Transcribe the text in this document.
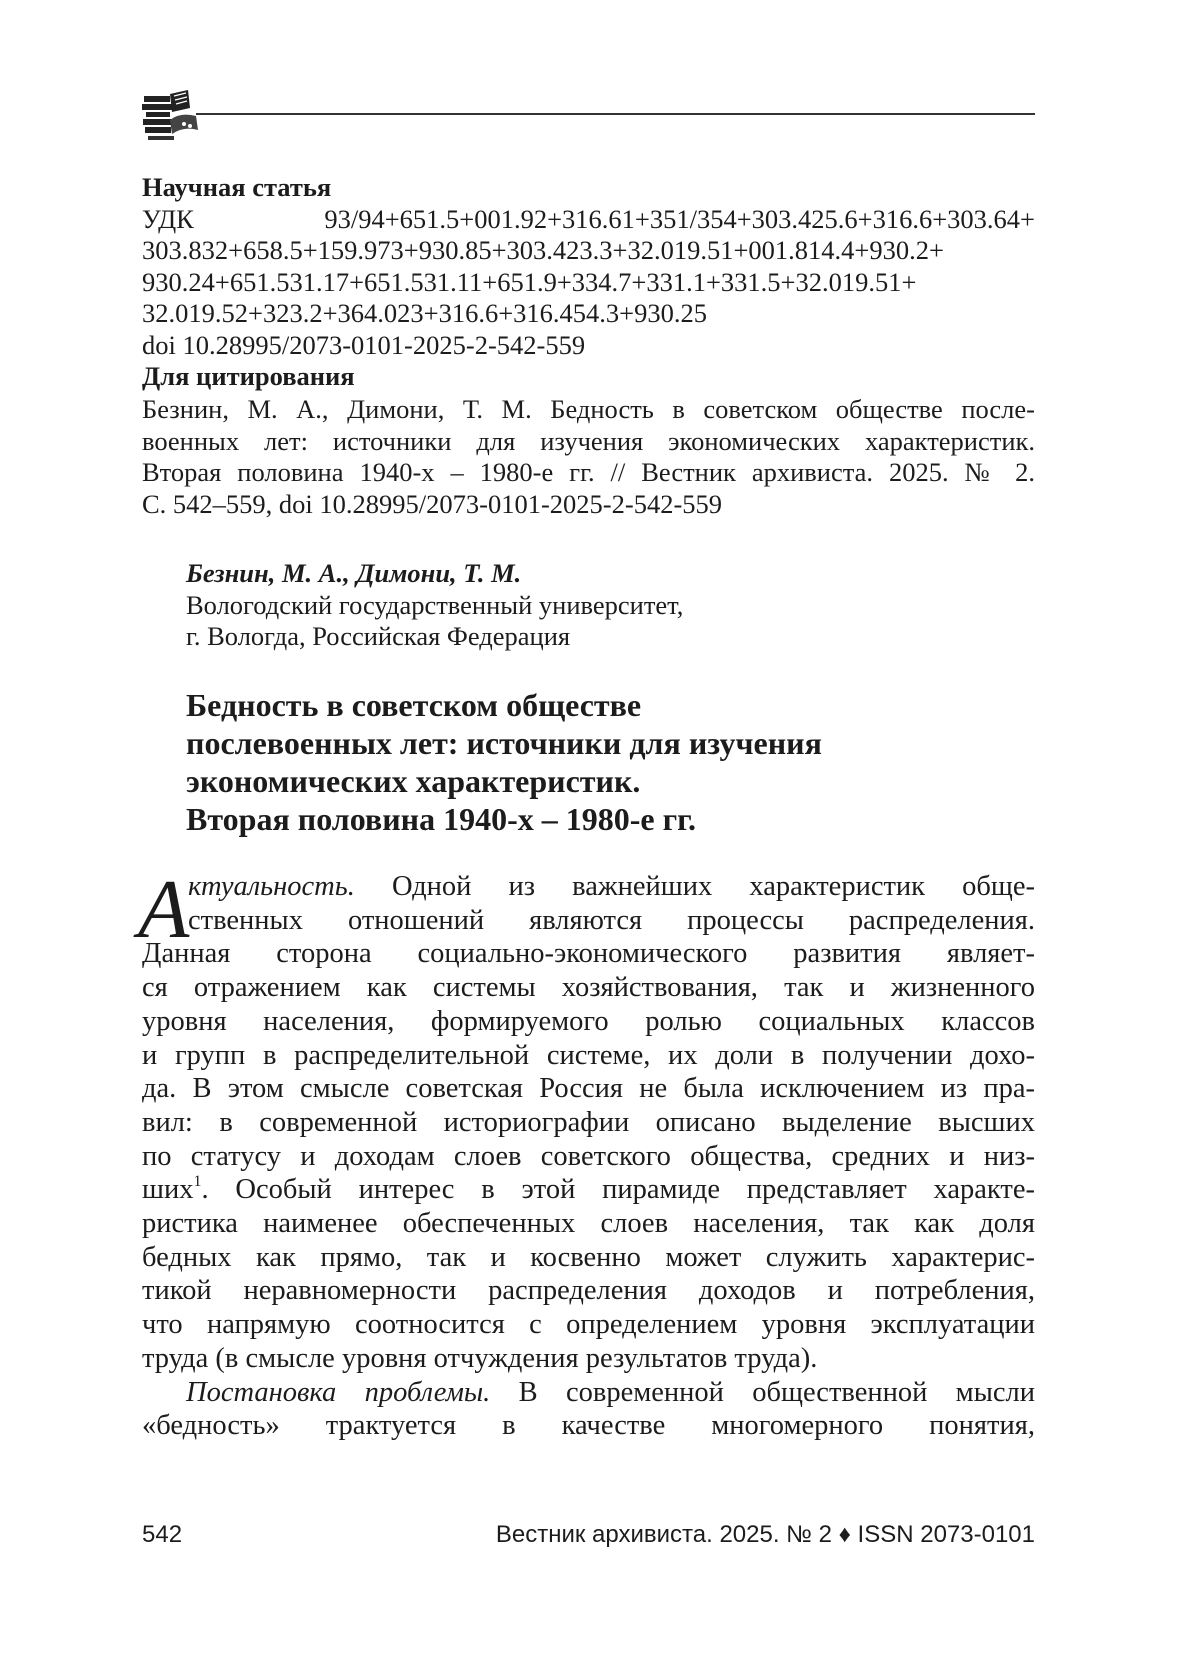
Научная статья
УДК 93/94+651.5+001.92+316.61+351/354+303.425.6+316.6+303.64+
303.832+658.5+159.973+930.85+303.423.3+32.019.51+001.814.4+930.2+
930.24+651.531.17+651.531.11+651.9+334.7+331.1+331.5+32.019.51+
32.019.52+323.2+364.023+316.6+316.454.3+930.25
doi 10.28995/2073-0101-2025-2-542-559
Для цитирования
Безнин, М. А., Димони, Т. М. Бедность в советском обществе после-
военных лет: источники для изучения экономических характеристик.
Вторая половина 1940-х – 1980-е гг. // Вестник архивиста. 2025. № 2.
С. 542–559, doi 10.28995/2073-0101-2025-2-542-559
Безнин, М. А., Димони, Т. М.
Вологодский государственный университет,
г. Вологда, Российская Федерация
Бедность в советском обществе
послевоенных лет: источники для изучения
экономических характеристик.
Вторая половина 1940-х – 1980-е гг.
А
ктуальность. Одной из важнейших характеристик обще-
ственных отношений являются процессы распределения.
Данная сторона социально-экономического развития являет-
ся отражением как системы хозяйствования, так и жизненного
уровня населения, формируемого ролью социальных классов
и групп в распределительной системе, их доли в получении дохо-
да. В этом смысле советская Россия не была исключением из пра-
вил: в современной историографии описано выделение высших
по статусу и доходам слоев советского общества, средних и низ-
ших$^1$. Особый интерес в этой пирамиде представляет характе-
ристика наименее обеспеченных слоев населения, так как доля
бедных как прямо, так и косвенно может служить характерис-
тикой неравномерности распределения доходов и потребления,
что напрямую соотносится с определением уровня эксплуатации
труда (в смысле уровня отчуждения результатов труда).
Постановка проблемы. В современной общественной мысли
«бедность» трактуется в качестве многомерного понятия,
542	Вестник архивиста. 2025. № 2 ♦ ISSN 2073-0101
